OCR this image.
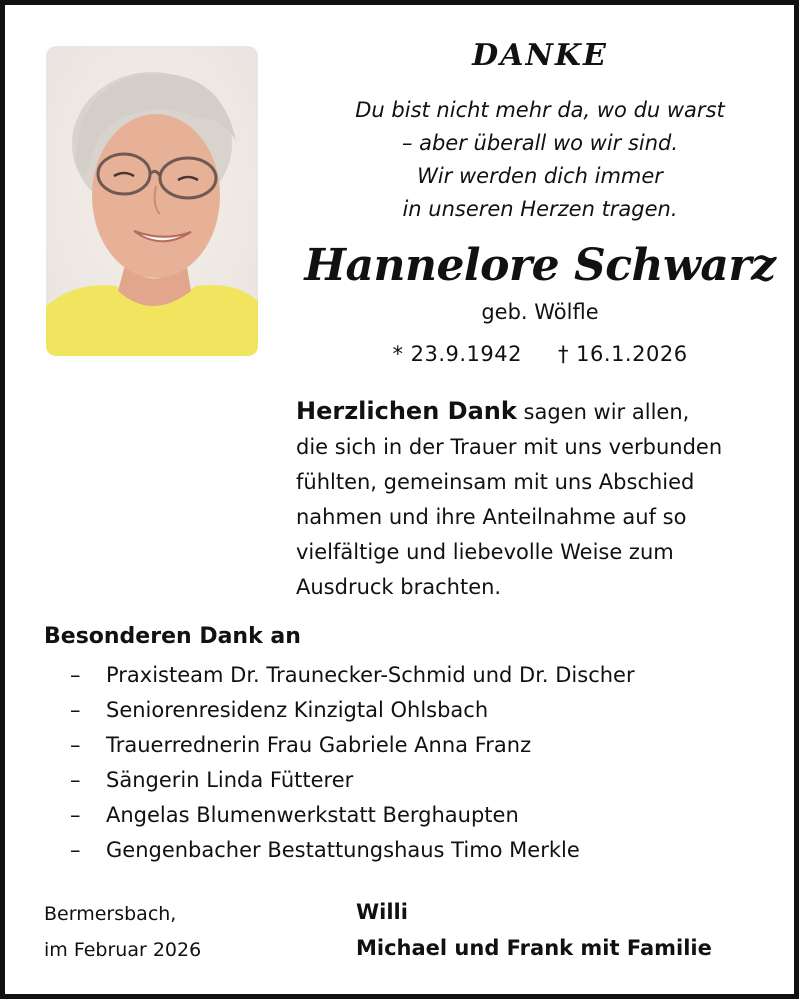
DANKE
Du bist nicht mehr da, wo du warst
– aber überall wo wir sind.
Wir werden dich immer
in unseren Herzen tragen.
Hannelore Schwarz
geb. Wölfle
* 23.9.1942 † 16.1.2026
Herzlichen Dank sagen wir allen,
die sich in der Trauer mit uns verbunden
fühlten, gemeinsam mit uns Abschied
nahmen und ihre Anteilnahme auf so
vielfältige und liebevolle Weise zum
Ausdruck brachten.
Besonderen Dank an
–	Praxisteam Dr. Traunecker-Schmid und Dr. Discher
–	Seniorenresidenz Kinzigtal Ohlsbach
–	Trauerrednerin Frau Gabriele Anna Franz
–	Sängerin Linda Fütterer
–	Angelas Blumenwerkstatt Berghaupten
–	Gengenbacher Bestattungshaus Timo Merkle
Bermersbach,
im Februar 2026
Willi
Michael und Frank mit Familie
